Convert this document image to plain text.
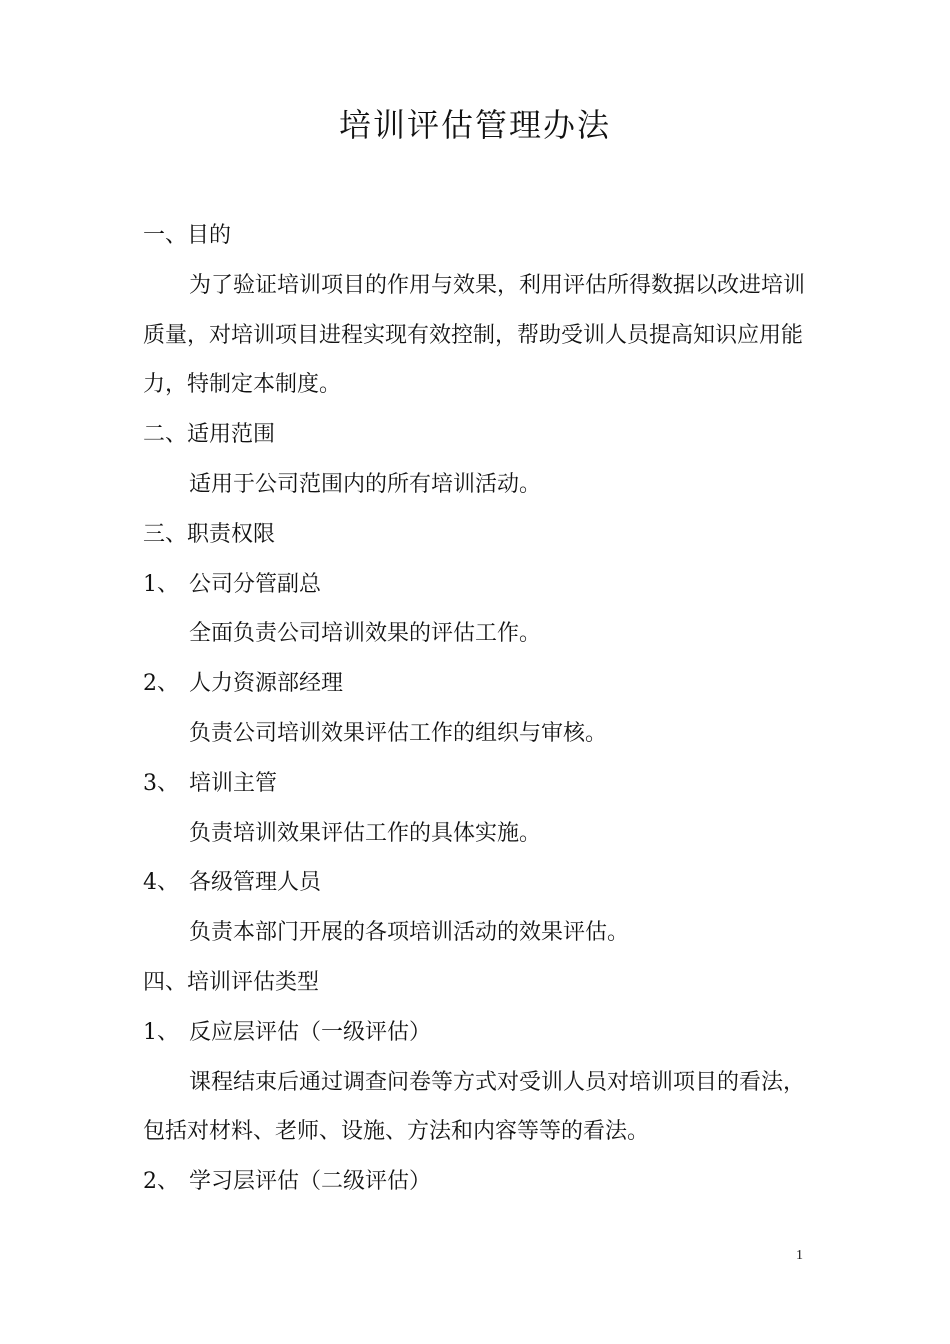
培训评估管理办法
一、目的
为了验证培训项目的作用与效果，利用评估所得数据以改进培训
质量，对培训项目进程实现有效控制，帮助受训人员提高知识应用能
力，特制定本制度。
二、适用范围
适用于公司范围内的所有培训活动。
三、职责权限
1、 公司分管副总
全面负责公司培训效果的评估工作。
2、 人力资源部经理
负责公司培训效果评估工作的组织与审核。
3、 培训主管
负责培训效果评估工作的具体实施。
4、 各级管理人员
负责本部门开展的各项培训活动的效果评估。
四、培训评估类型
1、 反应层评估（一级评估）
课程结束后通过调查问卷等方式对受训人员对培训项目的看法，
包括对材料、老师、设施、方法和内容等等的看法。
2、 学习层评估（二级评估）
1
